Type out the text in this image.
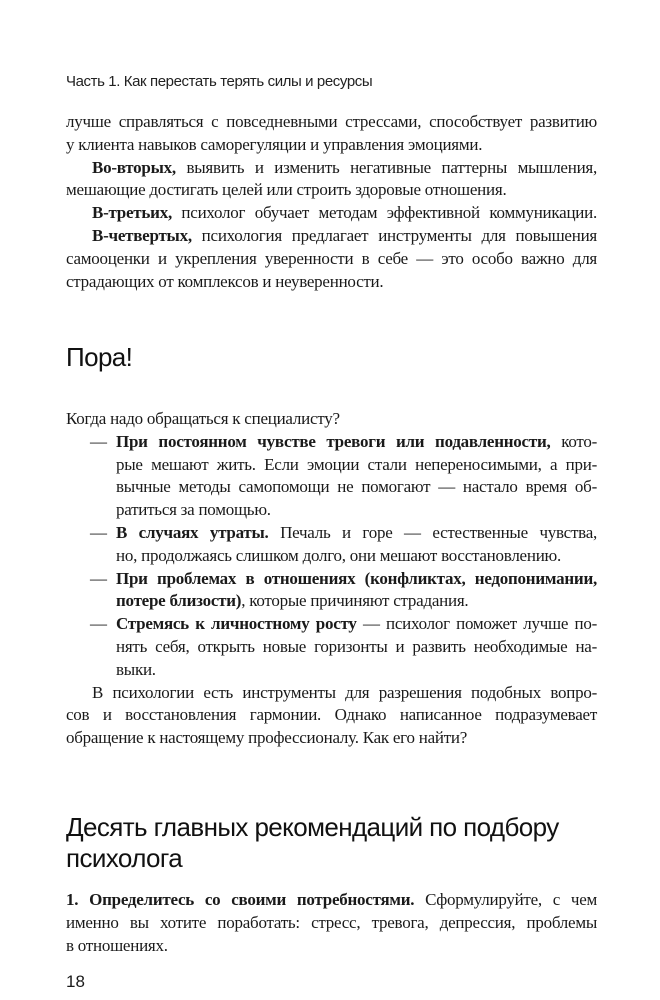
Часть 1. Как перестать терять силы и ресурсы
лучше справляться с повседневными стрессами, способствует развитию
у клиента навыков саморегуляции и управления эмоциями.
Во-вторых, выявить и изменить негативные паттерны мышления,
мешающие достигать целей или строить здоровые отношения.
В-третьих, психолог обучает методам эффективной коммуникации.
В-четвертых, психология предлагает инструменты для повышения
самооценки и укрепления уверенности в себе — это особо важно для
страдающих от комплексов и неуверенности.
Пора!
Когда надо обращаться к специалисту?
— При постоянном чувстве тревоги или подавленности, кото-
рые мешают жить. Если эмоции стали непереносимыми, а при-
вычные методы самопомощи не помогают — настало время об-
ратиться за помощью.
— В случаях утраты. Печаль и горе — естественные чувства,
но, продолжаясь слишком долго, они мешают восстановлению.
— При проблемах в отношениях (конфликтах, недопонимании,
потере близости), которые причиняют страдания.
— Стремясь к личностному росту — психолог поможет лучше по-
нять себя, открыть новые горизонты и развить необходимые на-
выки.
В психологии есть инструменты для разрешения подобных вопро-
сов и восстановления гармонии. Однако написанное подразумевает
обращение к настоящему профессионалу. Как его найти?
Десять главных рекомендаций по подбору
психолога
1. Определитесь со своими потребностями. Сформулируйте, с чем
именно вы хотите поработать: стресс, тревога, депрессия, проблемы
в отношениях.
18
